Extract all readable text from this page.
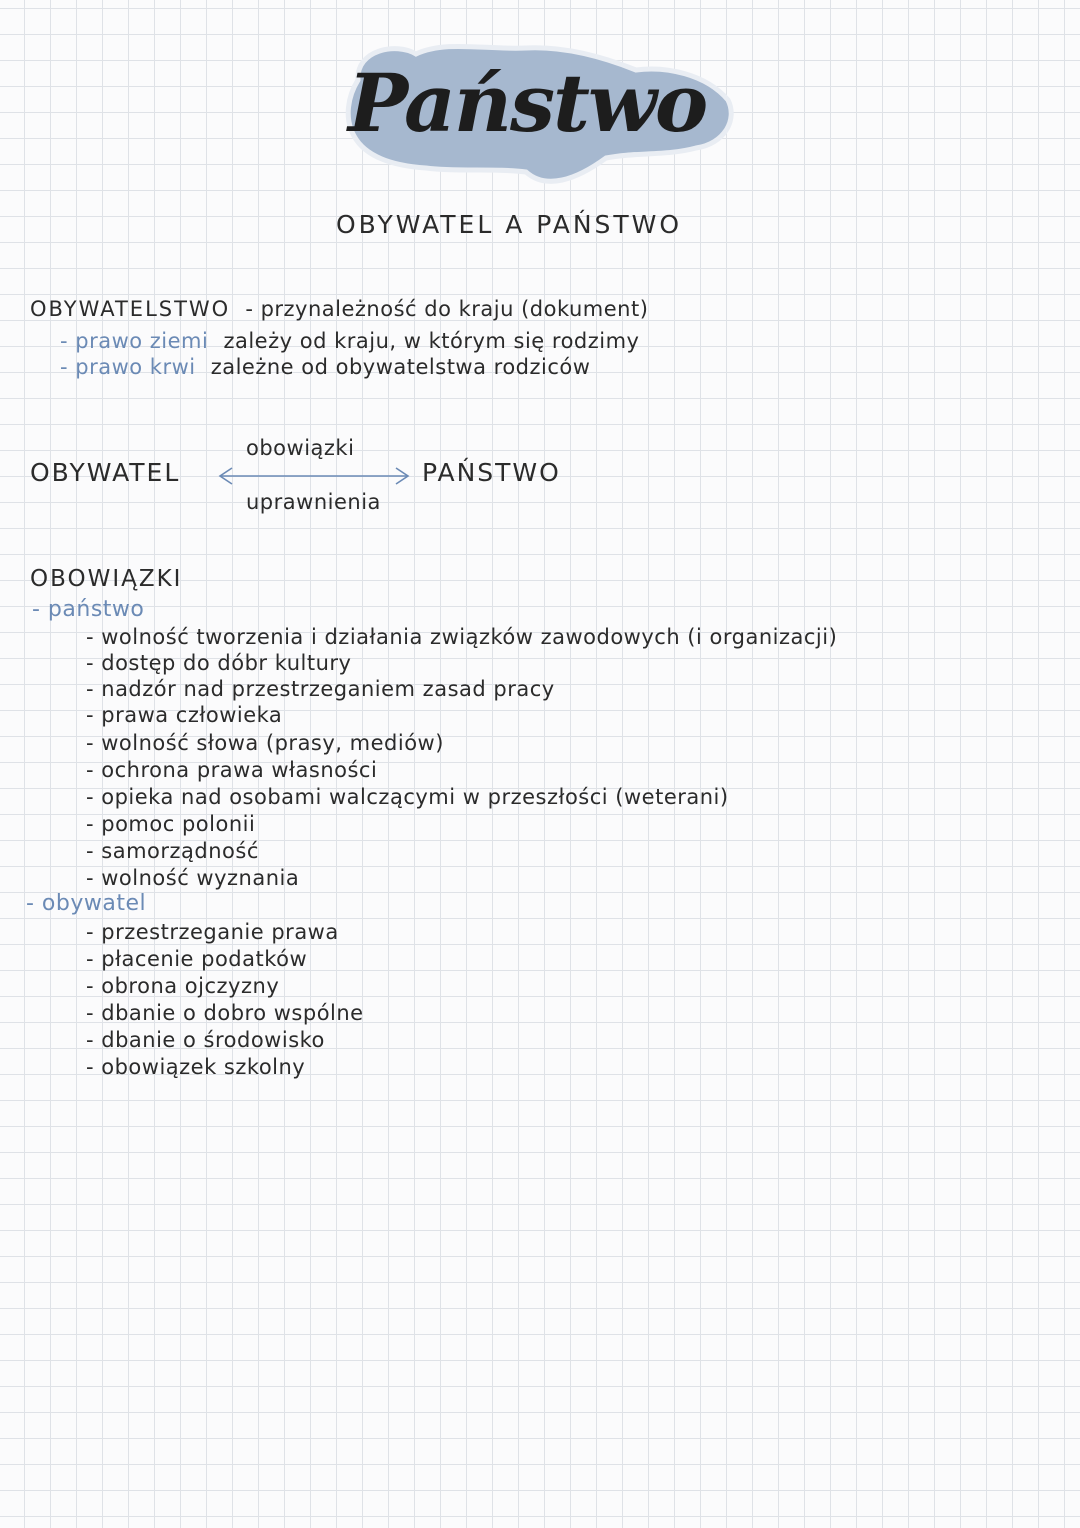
Państwo
OBYWATEL A PAŃSTWO
OBYWATELSTWO - przynależność do kraju (dokument)
- prawo ziemi zależy od kraju, w którym się rodzimy
- prawo krwi zależne od obywatelstwa rodziców
obowiązki
OBYWATEL	PAŃSTWO
uprawnienia
OBOWIĄZKI
- państwo
- wolność tworzenia i działania związków zawodowych (i organizacji)
- dostęp do dóbr kultury
- nadzór nad przestrzeganiem zasad pracy
- prawa człowieka
- wolność słowa (prasy, mediów)
- ochrona prawa własności
- opieka nad osobami walczącymi w przeszłości (weterani)
- pomoc polonii
- samorządność
- wolność wyznania
- obywatel
- przestrzeganie prawa
- płacenie podatków
- obrona ojczyzny
- dbanie o dobro wspólne
- dbanie o środowisko
- obowiązek szkolny
